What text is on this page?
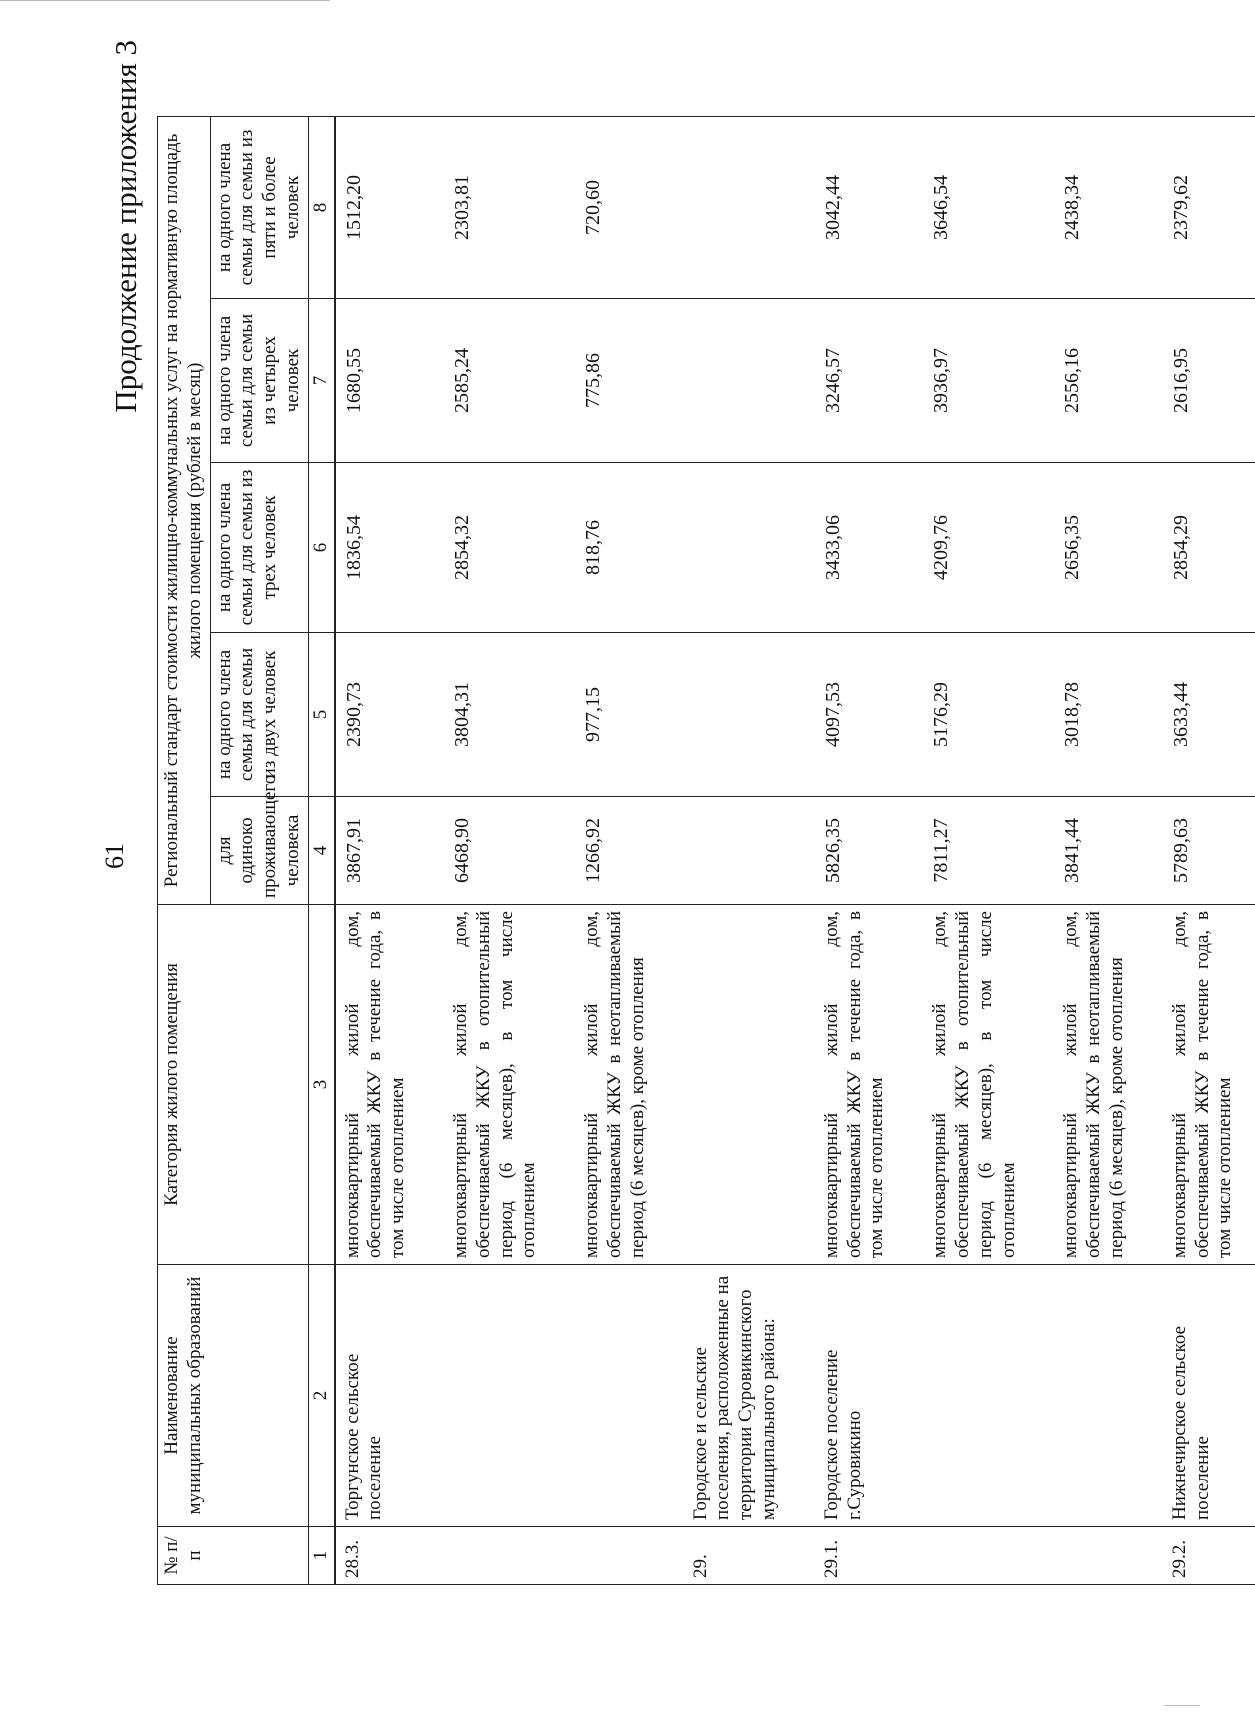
61
Продолжение приложения 3
№ п/п	Наименование муниципальных образований	Категория жилого помещения	Региональный стандарт стоимости жилищно-коммунальных услуг на нормативную площадь жилого помещения (рублей в месяц)				
			для одиноко проживающего человека	на одного члена семьи для семьи из двух человек	на одного члена семьи для семьи из трех человек	на одного члена семьи для семьи из четырех человек	на одного члена семьи для семьи из пяти и более человек
1	2	3	4	5	6	7	8
28.3.	Торгунское сельское поселение	многоквартирный жилой дом, обеспечиваемый ЖКУ в течение года, в том числе отоплением	3867,91	2390,73	1836,54	1680,55	1512,20
		многоквартирный жилой дом, обеспечиваемый ЖКУ в отопительный период (6 месяцев), в том числе отоплением	6468,90	3804,31	2854,32	2585,24	2303,81
		многоквартирный жилой дом, обеспечиваемый ЖКУ в неотапливаемый период (6 месяцев), кроме отопления	1266,92	977,15	818,76	775,86	720,60
29.	Городское и сельские поселения, расположенные на территории Суровикинского муниципального района:						
29.1.	Городское поселение г.Суровикино	многоквартирный жилой дом, обеспечиваемый ЖКУ в течение года, в том числе отоплением	5826,35	4097,53	3433,06	3246,57	3042,44
		многоквартирный жилой дом, обеспечиваемый ЖКУ в отопительный период (6 месяцев), в том числе отоплением	7811,27	5176,29	4209,76	3936,97	3646,54
		многоквартирный жилой дом, обеспечиваемый ЖКУ в неотапливаемый период (6 месяцев), кроме отопления	3841,44	3018,78	2656,35	2556,16	2438,34
29.2.	Нижнечирское сельское поселение	многоквартирный жилой дом, обеспечиваемый ЖКУ в течение года, в том числе отоплением	5789,63	3633,44	2854,29	2616,95	2379,62
